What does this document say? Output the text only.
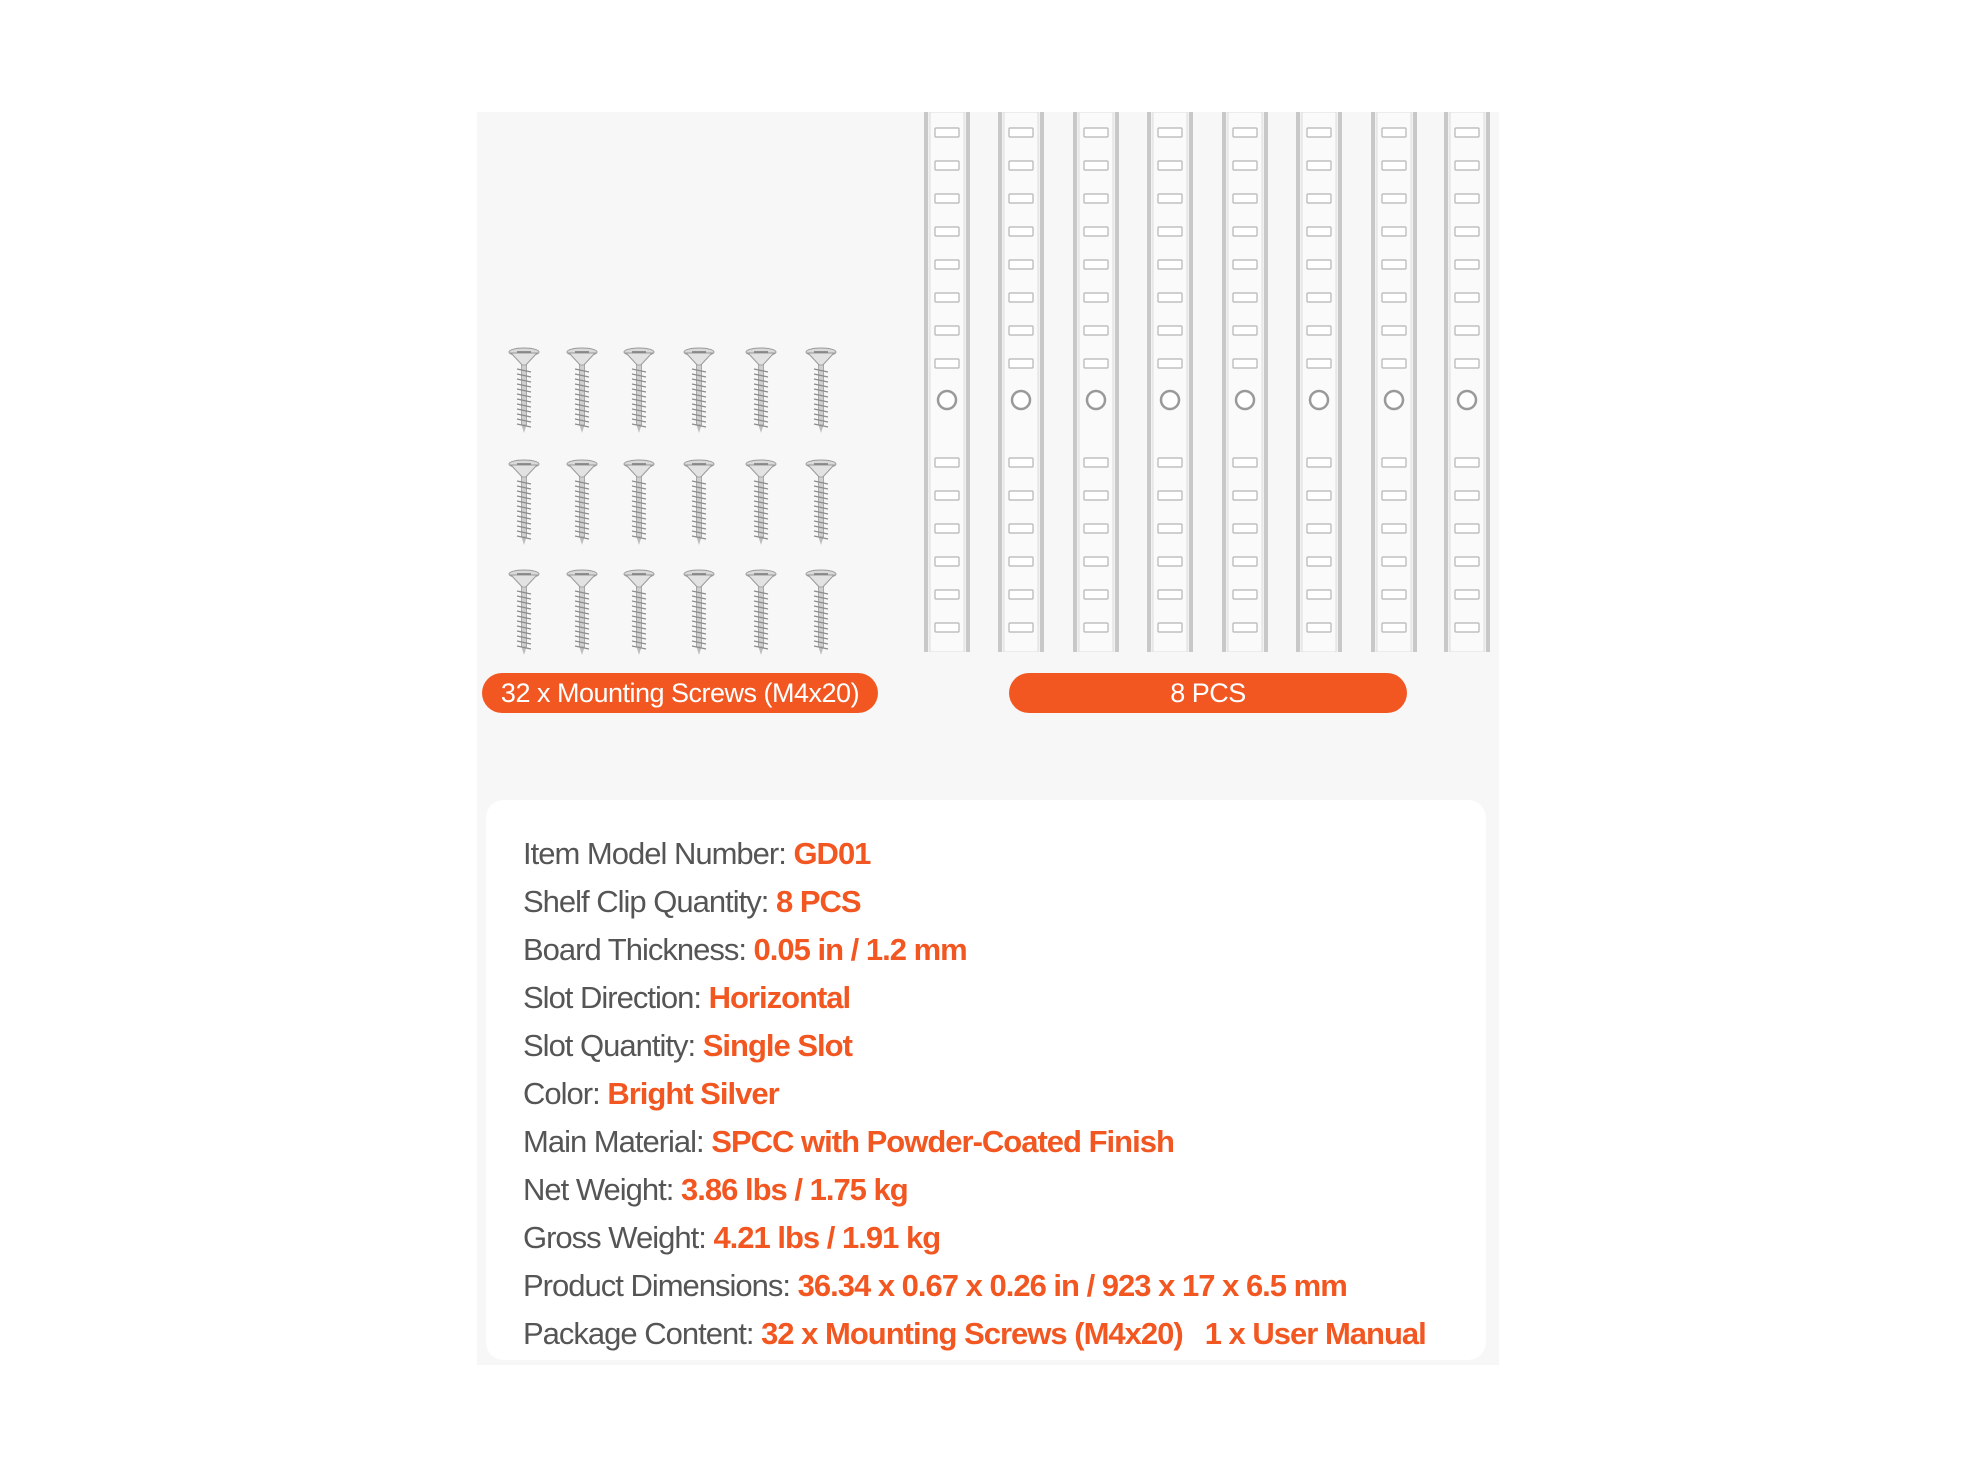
32 x Mounting Screws (M4x20)	8 PCS
Item Model Number: GD01
Shelf Clip Quantity: 8 PCS
Board Thickness: 0.05 in / 1.2 mm
Slot Direction: Horizontal
Slot Quantity: Single Slot
Color: Bright Silver
Main Material: SPCC with Powder-Coated Finish
Net Weight: 3.86 lbs / 1.75 kg
Gross Weight: 4.21 lbs / 1.91 kg
Product Dimensions: 36.34 x 0.67 x 0.26 in / 923 x 17 x 6.5 mm
Package Content: 32 x Mounting Screws (M4x20) 1 x User Manual
